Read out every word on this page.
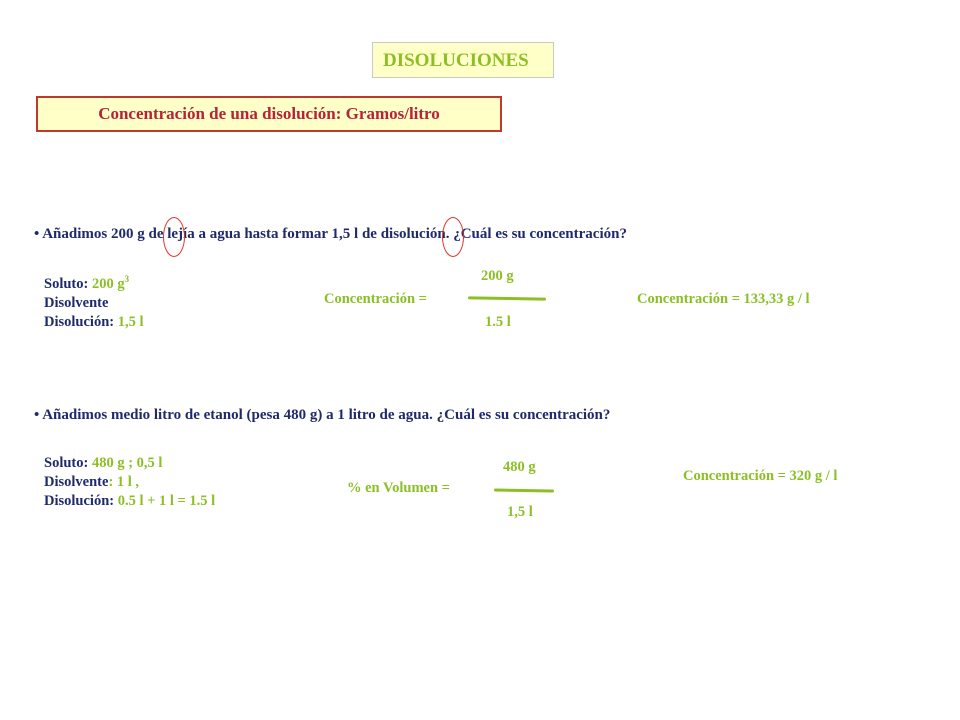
DISOLUCIONES
Concentración de una disolución: Gramos/litro
• Añadimos 200 g de lejía a agua hasta formar 1,5 l de disolución. ¿Cuál es su concentración?
Soluto: 200 $g^3$
Disolvente
Disolución: 1,5 l
Concentración =
200 g
1.5 l
Concentración = 133,33 g / l
• Añadimos medio litro de etanol (pesa 480 g) a 1 litro de agua. ¿Cuál es su concentración?
Soluto: 480 g ; 0,5 l
Disolvente: 1 l ,
Disolución: 0.5 l + 1 l = 1.5 l
% en Volumen =
480 g
1,5 l
Concentración = 320 g / l
